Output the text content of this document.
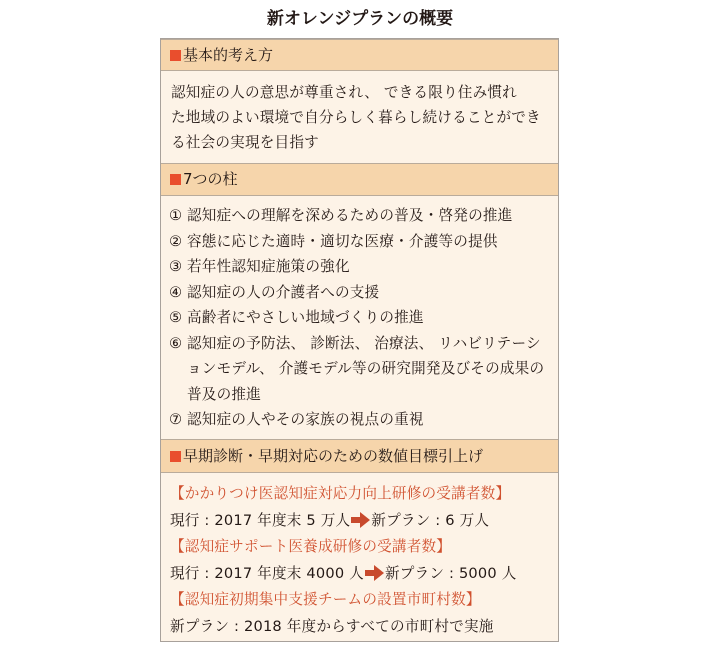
新オレンジプランの概要
基本的考え方
認知症の人の意思が尊重され、 できる限り住み慣れ
た地域のよい環境で自分らしく暮らし続けることができ
る社会の実現を目指す
7つの柱
① 認知症への理解を深めるための普及・啓発の推進
② 容態に応じた適時・適切な医療・介護等の提供
③ 若年性認知症施策の強化
④ 認知症の人の介護者への支援
⑤ 高齢者にやさしい地域づくりの推進
⑥ 認知症の予防法、 診断法、 治療法、 リハビリテーションモデル、 介護モデル等の研究開発及びその成果の普及の推進
⑦ 認知症の人やその家族の視点の重視
早期診断・早期対応のための数値目標引上げ
【かかりつけ医認知症対応力向上研修の受講者数】
現行 : 2017 年度末 5 万人 新プラン : 6 万人
【認知症サポート医養成研修の受講者数】
現行 : 2017 年度末 4000 人 新プラン : 5000 人
【認知症初期集中支援チームの設置市町村数】
新プラン : 2018 年度からすべての市町村で実施
